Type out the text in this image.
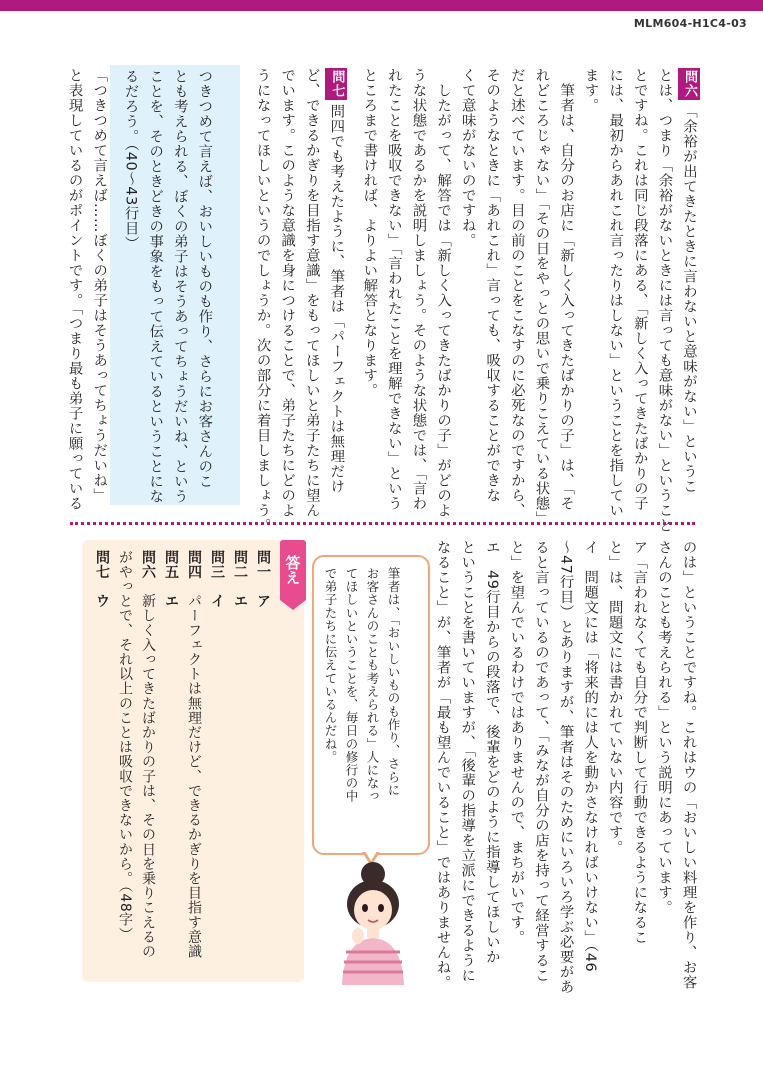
MLM604-H1C4-03
問六「余裕が出てきたときに言わないと意味がない」というこ
とは、つまり「余裕がないときには言っても意味がない」ということ
とですね。これは同じ段落にある、「新しく入ってきたばかりの子
には、最初からあれこれ言ったりはしない」ということを指してい
ます。
　筆者は、自分のお店に「新しく入ってきたばかりの子」は、「そ
れどころじゃない」「その日をやっとの思いで乗りこえている状態」
だと述べています。目の前のことをこなすのに必死なのですから、
そのようなときに「あれこれ」言っても、吸収することができな
くて意味がないのですね。
　したがって、解答では「新しく入ってきたばかりの子」がどのよ
うな状態であるかを説明しましょう。そのような状態では、「言わ
れたことを吸収できない」「言われたことを理解できない」という
ところまで書ければ、よりよい解答となります。
問七問四でも考えたように、筆者は「パーフェクトは無理だけ
ど、できるかぎりを目指す意識」をもってほしいと弟子たちに望ん
でいます。このような意識を身につけることで、弟子たちにどのよ
うになってほしいというのでしょうか。次の部分に着目しましょう。
つきつめて言えば、おいしいものも作り、さらにお客さんのこ
とも考えられる、ぼくの弟子はそうあってちょうだいね、という
ことを、そのときどきの事象をもって伝えているということにな
るだろう。（40〜43行目）
「つきつめて言えば……ぼくの弟子はそうあってちょうだいね」
と表現しているのがポイントです。「つまり最も弟子に願っている
のは」ということですね。これはウの「おいしい料理を作り、お客
さんのことも考えられる」という説明にあっています。
ア「言われなくても自分で判断して行動できるようになるこ
と」は、問題文には書かれていない内容です。
イ　問題文には「将来的には人を動かさなければいけない」（46
〜47行目）とありますが、筆者はそのためにいろいろ学ぶ必要があ
ると言っているのであって、「みなが自分の店を持って経営するこ
と」を望んでいるわけではありませんので、まちがいです。
エ　49行目からの段落で、後輩をどのように指導してほしいか
ということを書いていますが、「後輩の指導を立派にできるように
なること」が、筆者が「最も望んでいること」ではありませんね。
筆者は、「おいしいものも作り、さらに
お客さんのことも考えられる」人になっ
てほしいということを、毎日の修行の中
で弟子たちに伝えているんだね。
問一　ア
問二　エ
問三　イ
問四　パーフェクトは無理だけど、できるかぎりを目指す意識
問五　エ
問六　新しく入ってきたばかりの子は、その日を乗りこえるのがやっとで、それ以上のことは吸収できないから。（48字）
問七　ウ
答え
